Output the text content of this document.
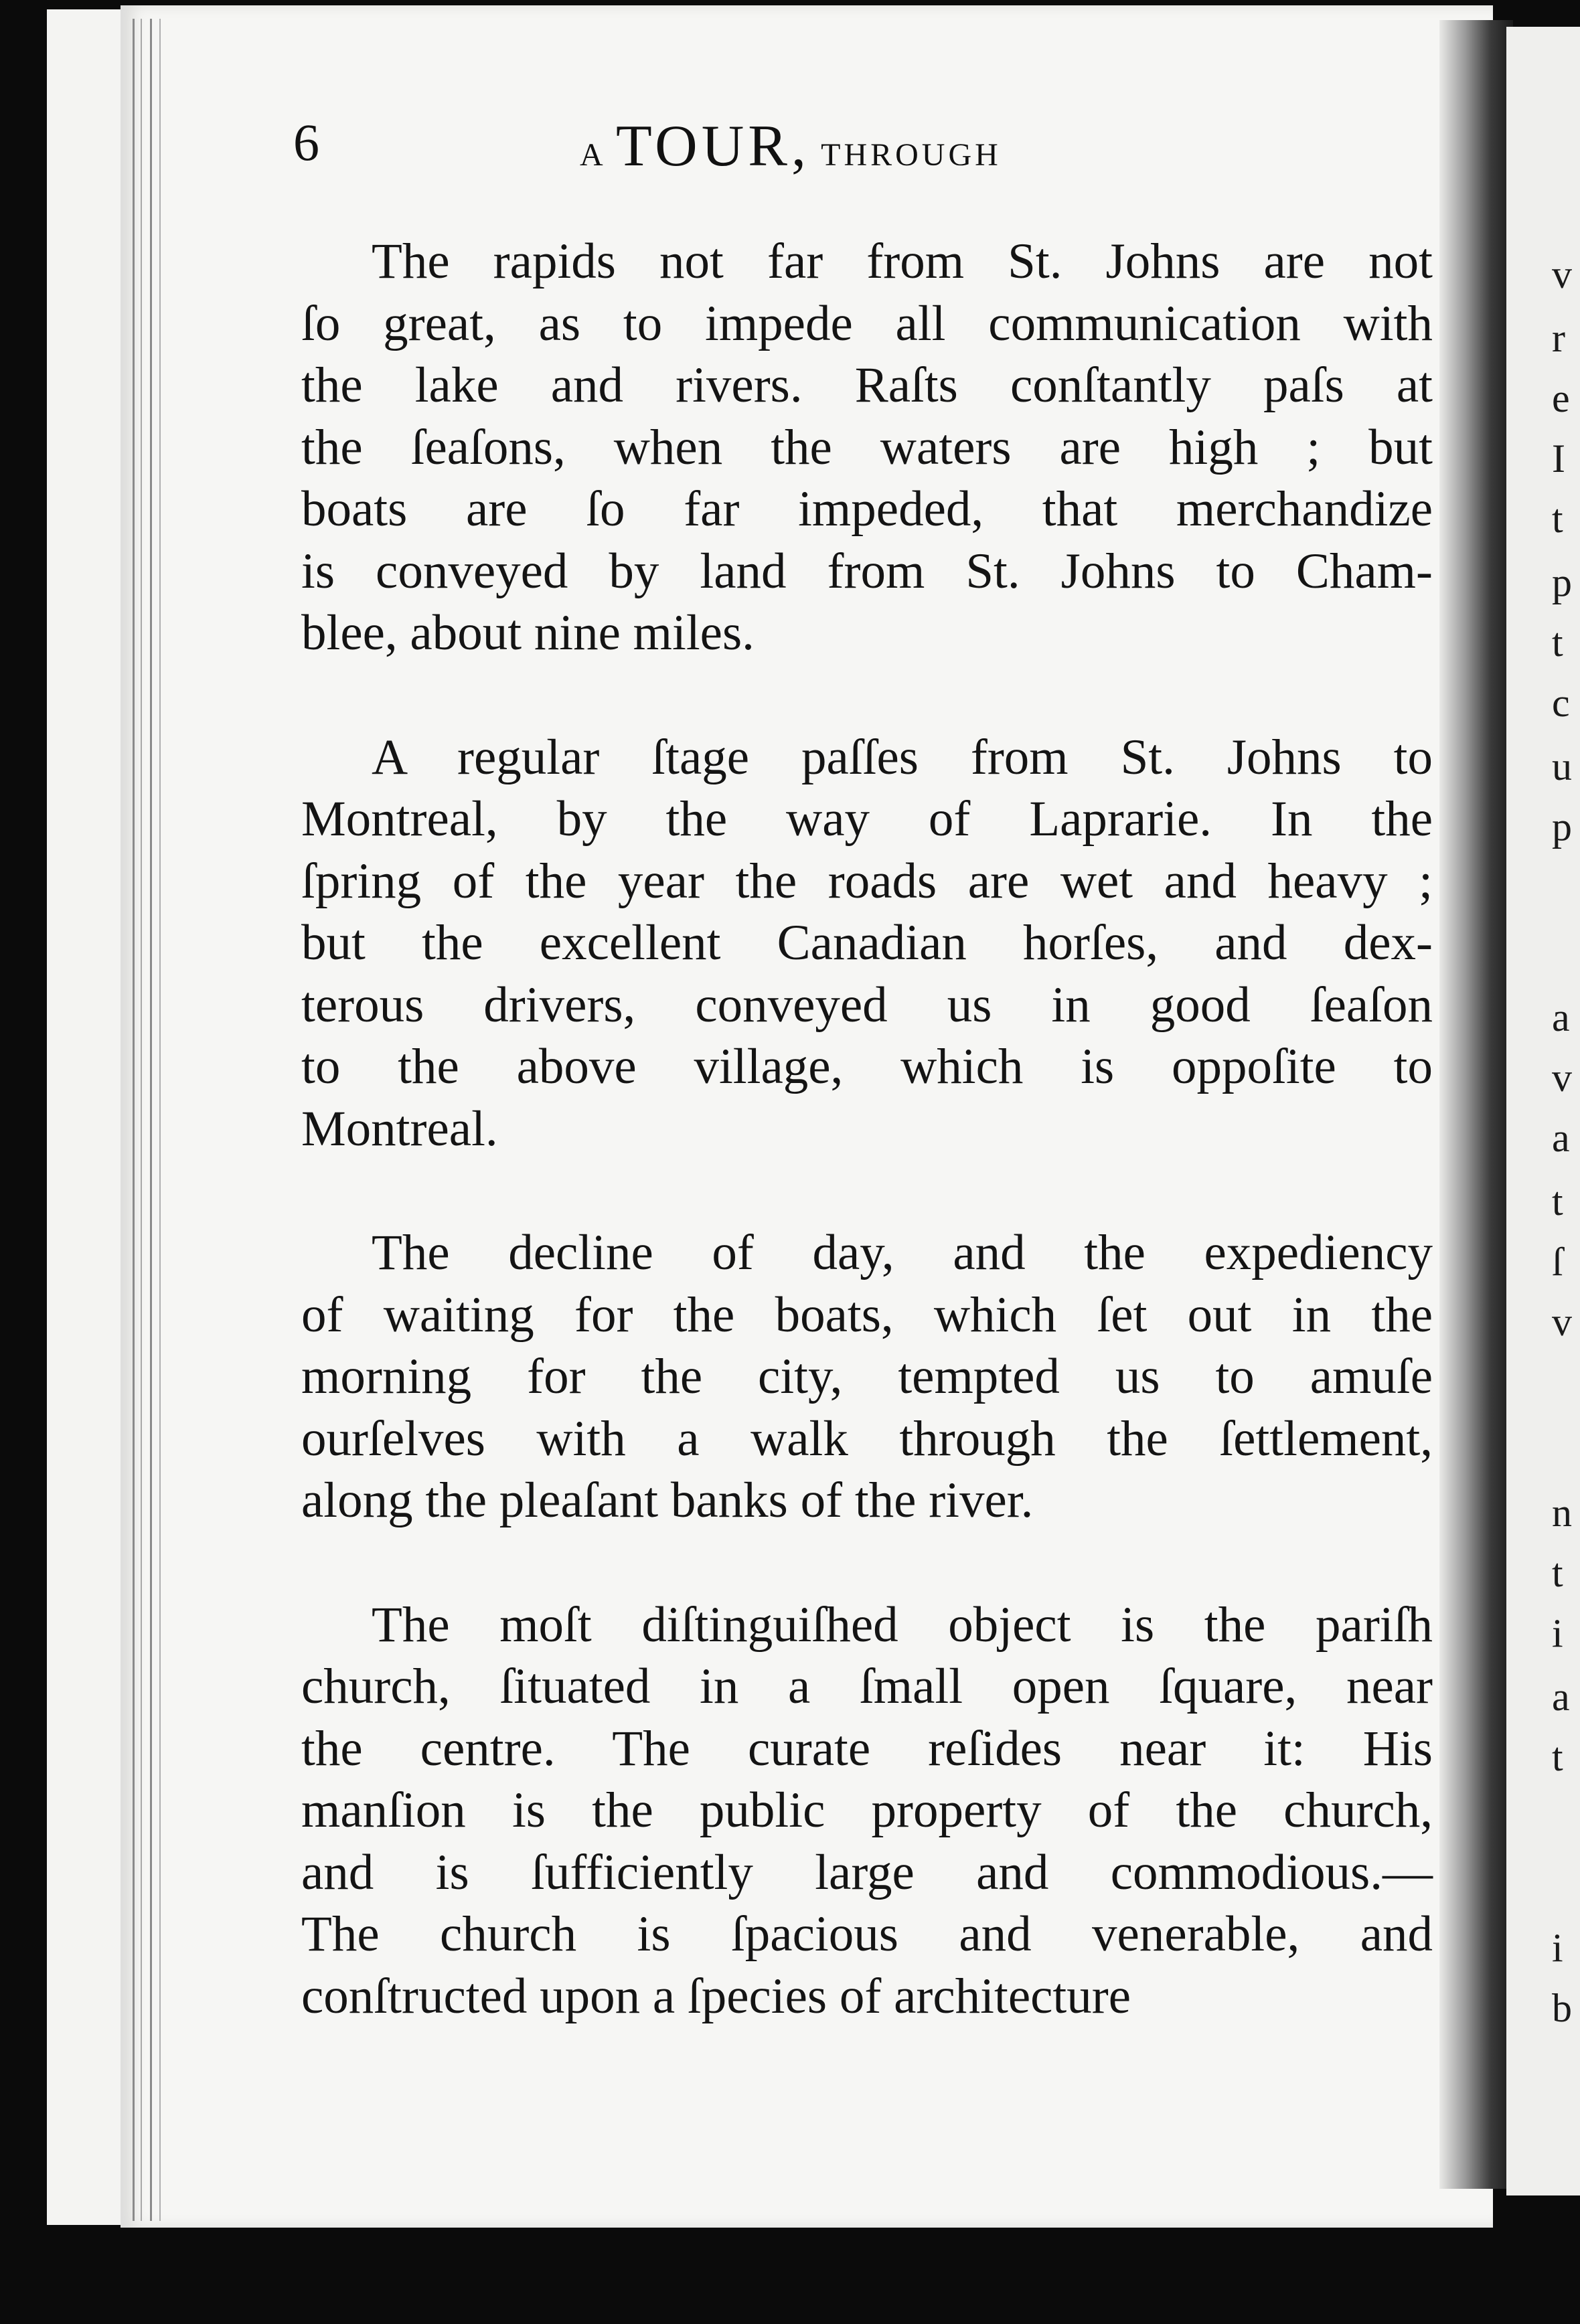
v
r
e
I
t
p
t
c
u
p
a
v
a
t
ſ
v
n
t
i
a
t
i
b
6	A TOUR, THROUGH
The rapids not far from St. Johns are not
ſo great, as to impede all communication with
the lake and rivers. Raſts conſtantly paſs at
the ſeaſons, when the waters are high ; but
boats are ſo far impeded, that merchandize
is conveyed by land from St. Johns to Cham-
blee, about nine miles.
A regular ſtage paſſes from St. Johns to
Montreal, by the way of Laprarie. In the
ſpring of the year the roads are wet and heavy ;
but the excellent Canadian horſes, and dex-
terous drivers, conveyed us in good ſeaſon
to the above village, which is oppoſite to
Montreal.
The decline of day, and the expediency
of waiting for the boats, which ſet out in the
morning for the city, tempted us to amuſe
ourſelves with a walk through the ſettlement,
along the pleaſant banks of the river.
The moſt diſtinguiſhed object is the pariſh
church, ſituated in a ſmall open ſquare, near
the centre. The curate reſides near it: His
manſion is the public property of the church,
and is ſufficiently large and commodious.—
The church is ſpacious and venerable, and
conſtructed upon a ſpecies of architecture
